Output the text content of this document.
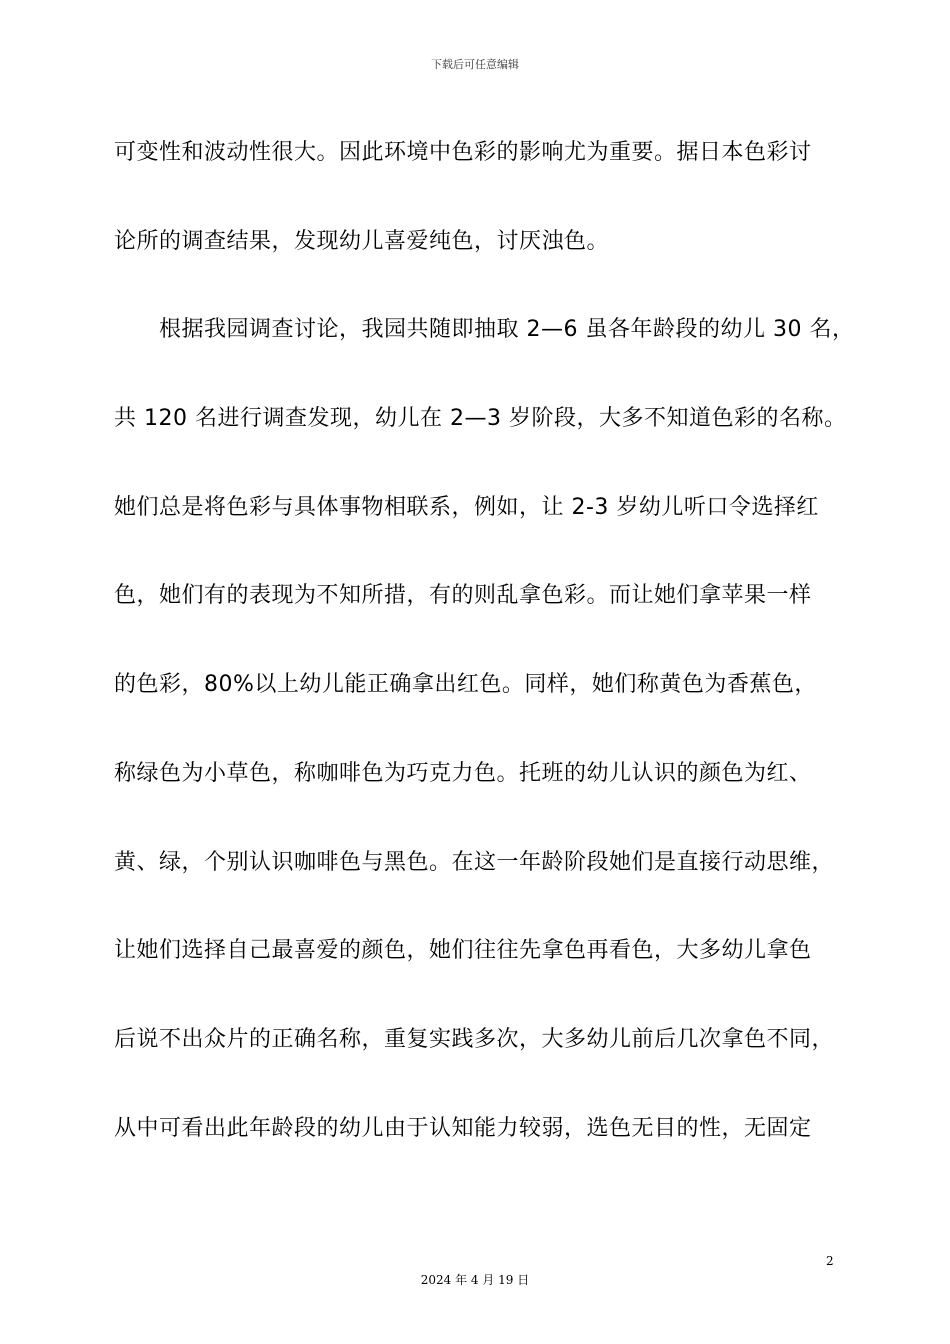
下载后可任意编辑
可变性和波动性很大。因此环境中色彩的影响尤为重要。据日本色彩讨
论所的调查结果，发现幼儿喜爱纯色，讨厌浊色。
根据我园调查讨论，我园共随即抽取 2—6 虽各年龄段的幼儿 30 名，
共 120 名进行调查发现，幼儿在 2—3 岁阶段，大多不知道色彩的名称。
她们总是将色彩与具体事物相联系，例如，让 2-3 岁幼儿听口令选择红
色，她们有的表现为不知所措，有的则乱拿色彩。而让她们拿苹果一样
的色彩，80%以上幼儿能正确拿出红色。同样，她们称黄色为香蕉色，
称绿色为小草色，称咖啡色为巧克力色。托班的幼儿认识的颜色为红、
黄、绿，个别认识咖啡色与黑色。在这一年龄阶段她们是直接行动思维，
让她们选择自己最喜爱的颜色，她们往往先拿色再看色，大多幼儿拿色
后说不出众片的正确名称，重复实践多次，大多幼儿前后几次拿色不同，
从中可看出此年龄段的幼儿由于认知能力较弱，选色无目的性，无固定
2
2024 年 4 月 19 日
